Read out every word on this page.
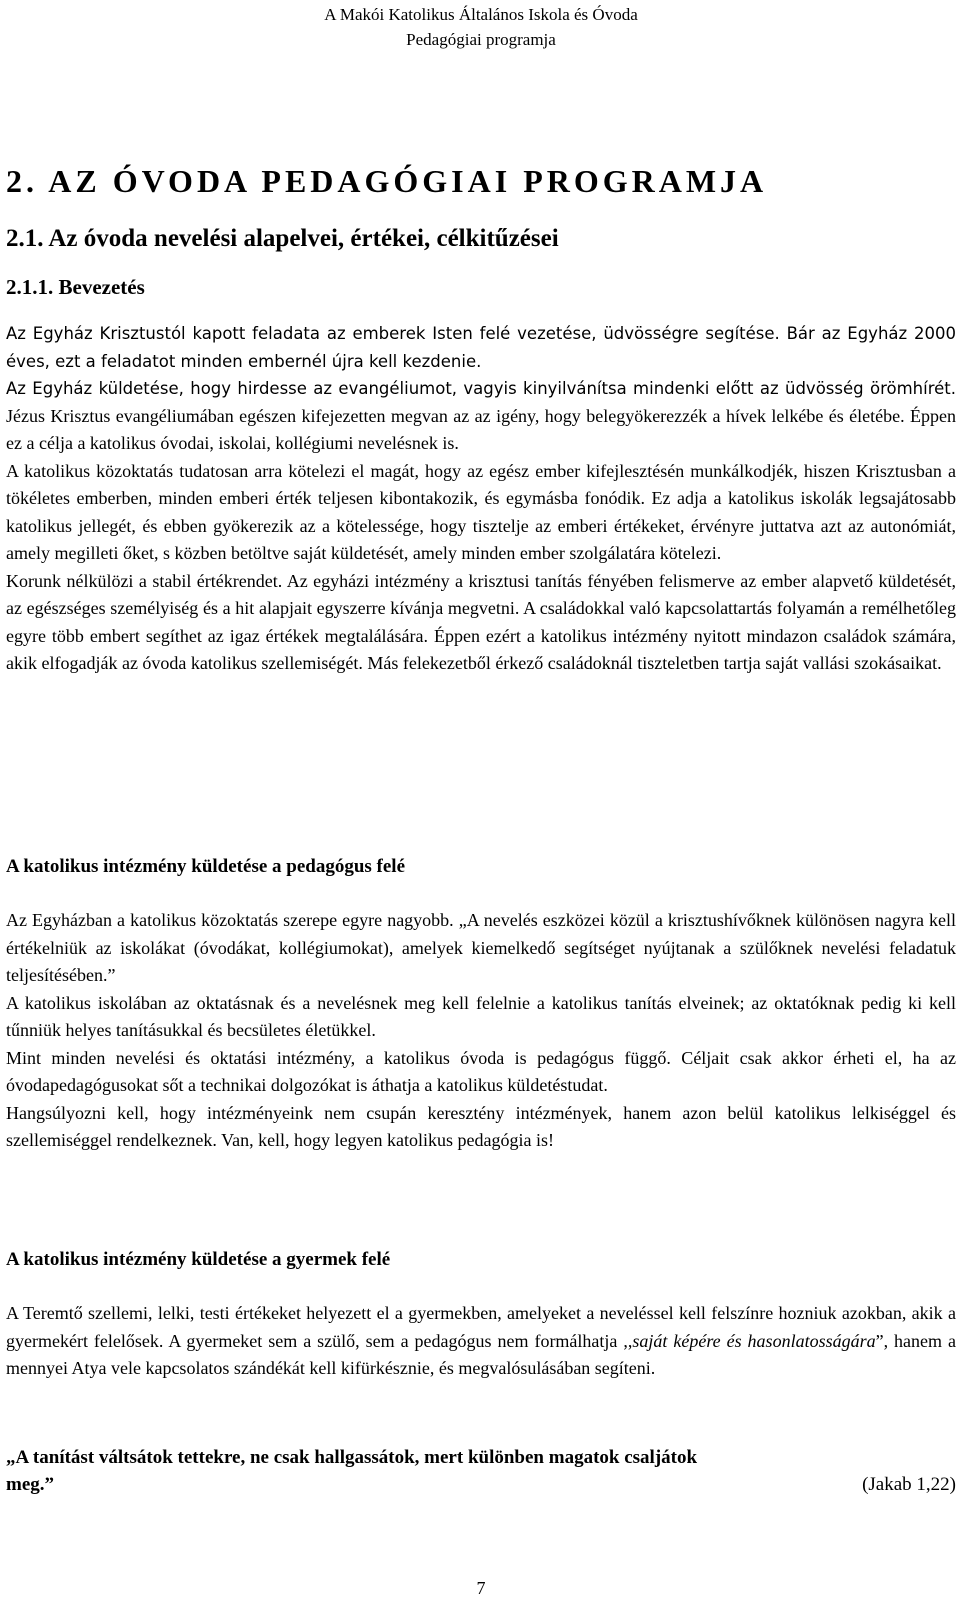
A Makói Katolikus Általános Iskola és Óvoda
Pedagógiai programja
2. AZ ÓVODA PEDAGÓGIAI PROGRAMJA
2.1. Az óvoda nevelési alapelvei, értékei, célkitűzései
2.1.1. Bevezetés

Az Egyház Krisztustól kapott feladata az emberek Isten felé vezetése, üdvösségre segítése. Bár az Egyház 2000 éves, ezt a feladatot minden embernél újra kell kezdenie.

Az Egyház küldetése, hogy hirdesse az evangéliumot, vagyis kinyilvánítsa mindenki előtt az üdvösség örömhírét. Jézus Krisztus evangéliumában egészen kifejezetten megvan az az igény, hogy belegyökerezzék a hívek lelkébe és életébe. Éppen ez a célja a katolikus óvodai, iskolai, kollégiumi nevelésnek is.

A katolikus közoktatás tudatosan arra kötelezi el magát, hogy az egész ember kifejlesztésén munkálkodjék, hiszen Krisztusban a tökéletes emberben, minden emberi érték teljesen kibontakozik, és egymásba fonódik. Ez adja a katolikus iskolák legsajátosabb katolikus jellegét, és ebben gyökerezik az a kötelessége, hogy tisztelje az emberi értékeket, érvényre juttatva azt az autonómiát, amely megilleti őket, s közben betöltve saját küldetését, amely minden ember szolgálatára kötelezi.

Korunk nélkülözi a stabil értékrendet. Az egyházi intézmény a krisztusi tanítás fényében felismerve az ember alapvető küldetését, az egészséges személyiség és a hit alapjait egyszerre kívánja megvetni. A családokkal való kapcsolattartás folyamán a remélhetőleg egyre több embert segíthet az igaz értékek megtalálására. Éppen ezért a katolikus intézmény nyitott mindazon családok számára, akik elfogadják az óvoda katolikus szellemiségét. Más felekezetből érkező családoknál tiszteletben tartja saját vallási szokásaikat.

A katolikus intézmény küldetése a pedagógus felé

Az Egyházban a katolikus közoktatás szerepe egyre nagyobb. „A nevelés eszközei közül a krisztushívőknek különösen nagyra kell értékelniük az iskolákat (óvodákat, kollégiumokat), amelyek kiemelkedő segítséget nyújtanak a szülőknek nevelési feladatuk teljesítésében.”

A katolikus iskolában az oktatásnak és a nevelésnek meg kell felelnie a katolikus tanítás elveinek; az oktatóknak pedig ki kell tűnniük helyes tanításukkal és becsületes életükkel.

Mint minden nevelési és oktatási intézmény, a katolikus óvoda is pedagógus függő. Céljait csak akkor érheti el, ha az óvodapedagógusokat sőt a technikai dolgozókat is áthatja a katolikus küldetéstudat.

Hangsúlyozni kell, hogy intézményeink nem csupán keresztény intézmények, hanem azon belül katolikus lelkiséggel és szellemiséggel rendelkeznek. Van, kell, hogy legyen katolikus pedagógia is!

A katolikus intézmény küldetése a gyermek felé

A Teremtő szellemi, lelki, testi értékeket helyezett el a gyermekben, amelyeket a neveléssel kell felszínre hozniuk azokban, akik a gyermekért felelősek. A gyermeket sem a szülő, sem a pedagógus nem formálhatja ,,saját képére és hasonlatosságára”, hanem a mennyei Atya vele kapcsolatos szándékát kell kifürkésznie, és megvalósulásában segíteni.

„A tanítást váltsátok tettekre, ne csak hallgassátok, mert különben magatok csaljátok

meg.”	(Jakab 1,22)
7
